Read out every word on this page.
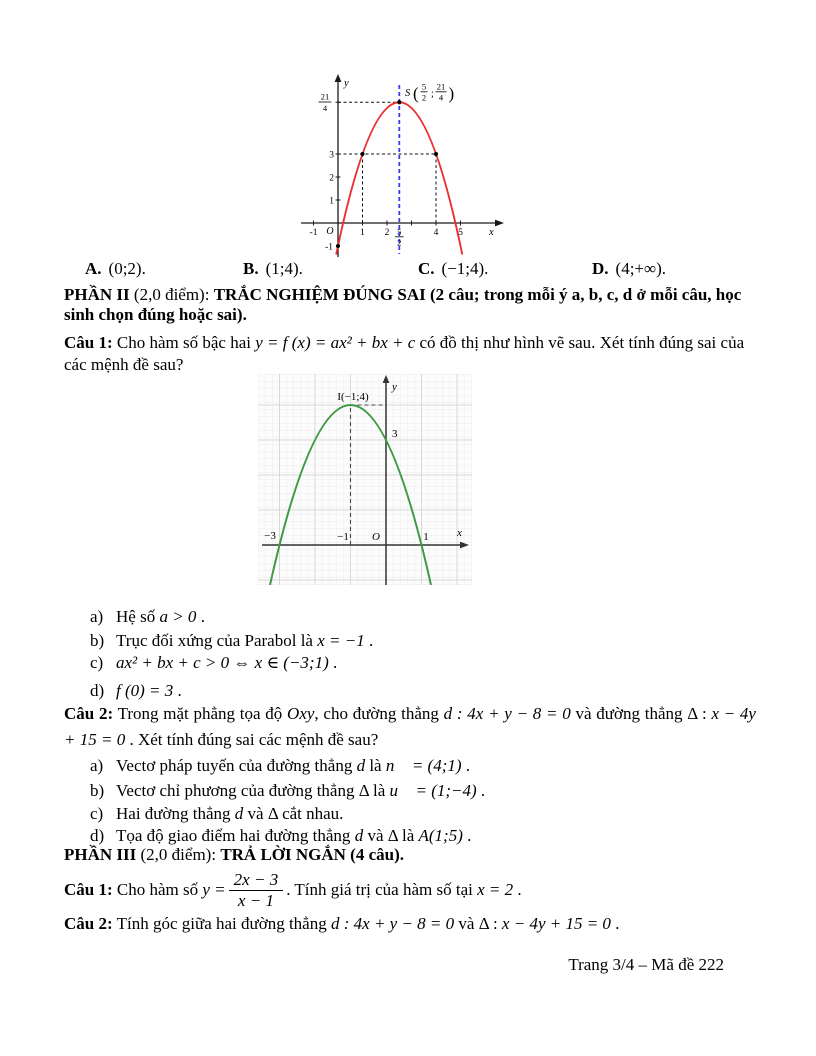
y
x
O
-1	1 2	4 5
5
2
3
2
1
-1
21
4
S ( 5
2 ;
21
4 )
A. (0;2).	B. (1;4).	C. (−1;4).	D. (4;+∞).
PHẦN II (2,0 điểm): TRẮC NGHIỆM ĐÚNG SAI (2 câu; trong mỗi ý a, b, c, d ở mỗi câu, học sinh chọn đúng hoặc sai).
Câu 1: Cho hàm số bậc hai y = f (x) = ax² + bx + c có đồ thị như hình vẽ sau. Xét tính đúng sai của các mệnh đề sau?
I(−1;4)
3
−3	−1	1
O	x
y
a) Hệ số a > 0 .
b) Trục đối xứng của Parabol là x = −1 .
c) ax² + bx + c > 0 ⇔ x ∈ (−3;1) .
d) f (0) = 3 .
Câu 2: Trong mặt phẳng tọa độ Oxy, cho đường thẳng d : 4x + y − 8 = 0 và đường thẳng Δ : x − 4y + 15 = 0 . Xét tính đúng sai các mệnh đề sau?
a) Vectơ pháp tuyến của đường thẳng d là n⃗ = (4;1) .
b) Vectơ chỉ phương của đường thẳng Δ là u⃗ = (1;−4) .
c) Hai đường thẳng d và Δ cắt nhau.
d) Tọa độ giao điểm hai đường thẳng d và Δ là A(1;5) .
PHẦN III (2,0 điểm): TRẢ LỜI NGẮN (4 câu).
Câu 1: Cho hàm số $y = \frac{2x - 3}{x - 1}$ . Tính giá trị của hàm số tại x = 2 .
Câu 2: Tính góc giữa hai đường thẳng d : 4x + y − 8 = 0 và Δ : x − 4y + 15 = 0 .
Trang 3/4 – Mã đề 222
